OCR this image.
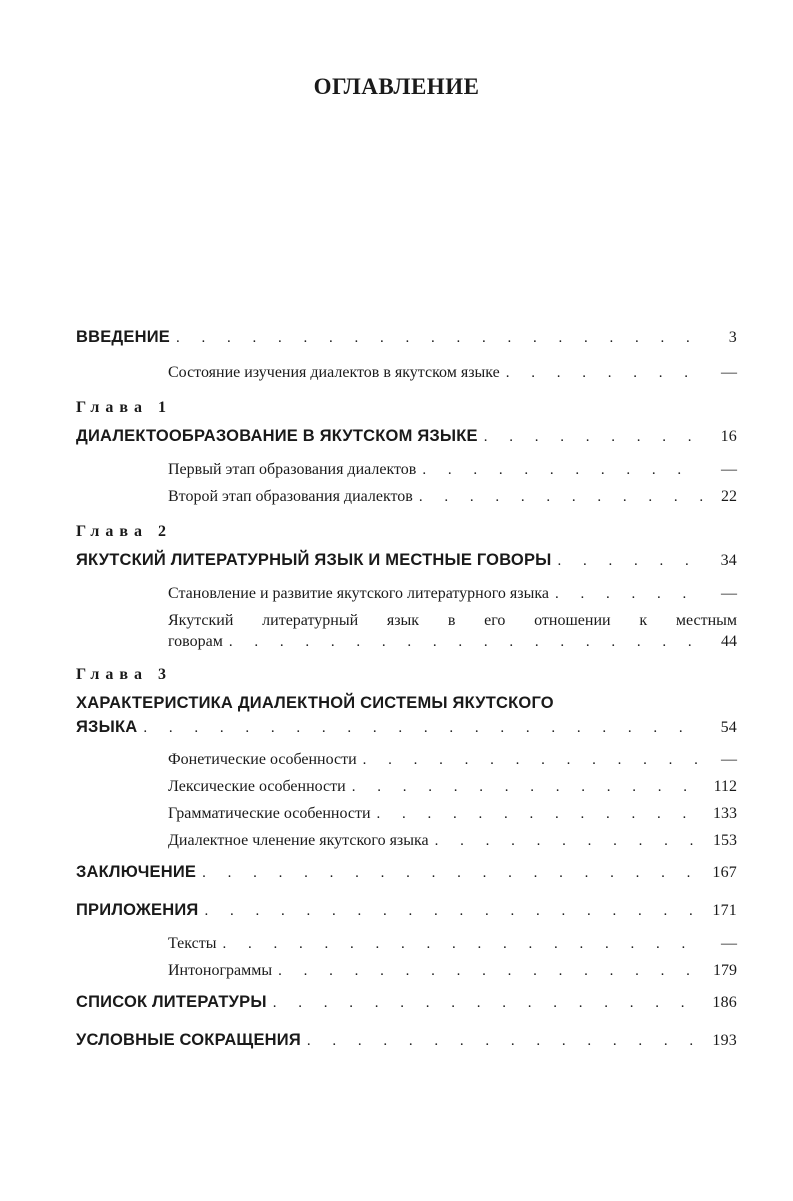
ОГЛАВЛЕНИЕ
ВВЕДЕНИЕ . . .	3
Состояние изучения диалектов в якутском языке . . .	—
Глава 1
ДИАЛЕКТООБРАЗОВАНИЕ В ЯКУТСКОМ ЯЗЫКЕ . . .	16
Первый этап образования диалектов . . .	—
Второй этап образования диалектов . . .	22
Глава 2
ЯКУТСКИЙ ЛИТЕРАТУРНЫЙ ЯЗЫК И МЕСТНЫЕ ГОВОРЫ . . .	34
Становление и развитие якутского литературного языка . . .	—
Якутский литературный язык в его отношении к местным
говорам . . .	44
Глава 3
ХАРАКТЕРИСТИКА ДИАЛЕКТНОЙ СИСТЕМЫ ЯКУТСКОГО
ЯЗЫКА . . .	54
Фонетические особенности . . .	—
Лексические особенности . . .	112
Грамматические особенности . . .	133
Диалектное членение якутского языка . . .	153
ЗАКЛЮЧЕНИЕ . . .	167
ПРИЛОЖЕНИЯ . . .	171
Тексты . . .	—
Интонограммы . . .	179
СПИСОК ЛИТЕРАТУРЫ . . .	186
УСЛОВНЫЕ СОКРАЩЕНИЯ . . .	193
